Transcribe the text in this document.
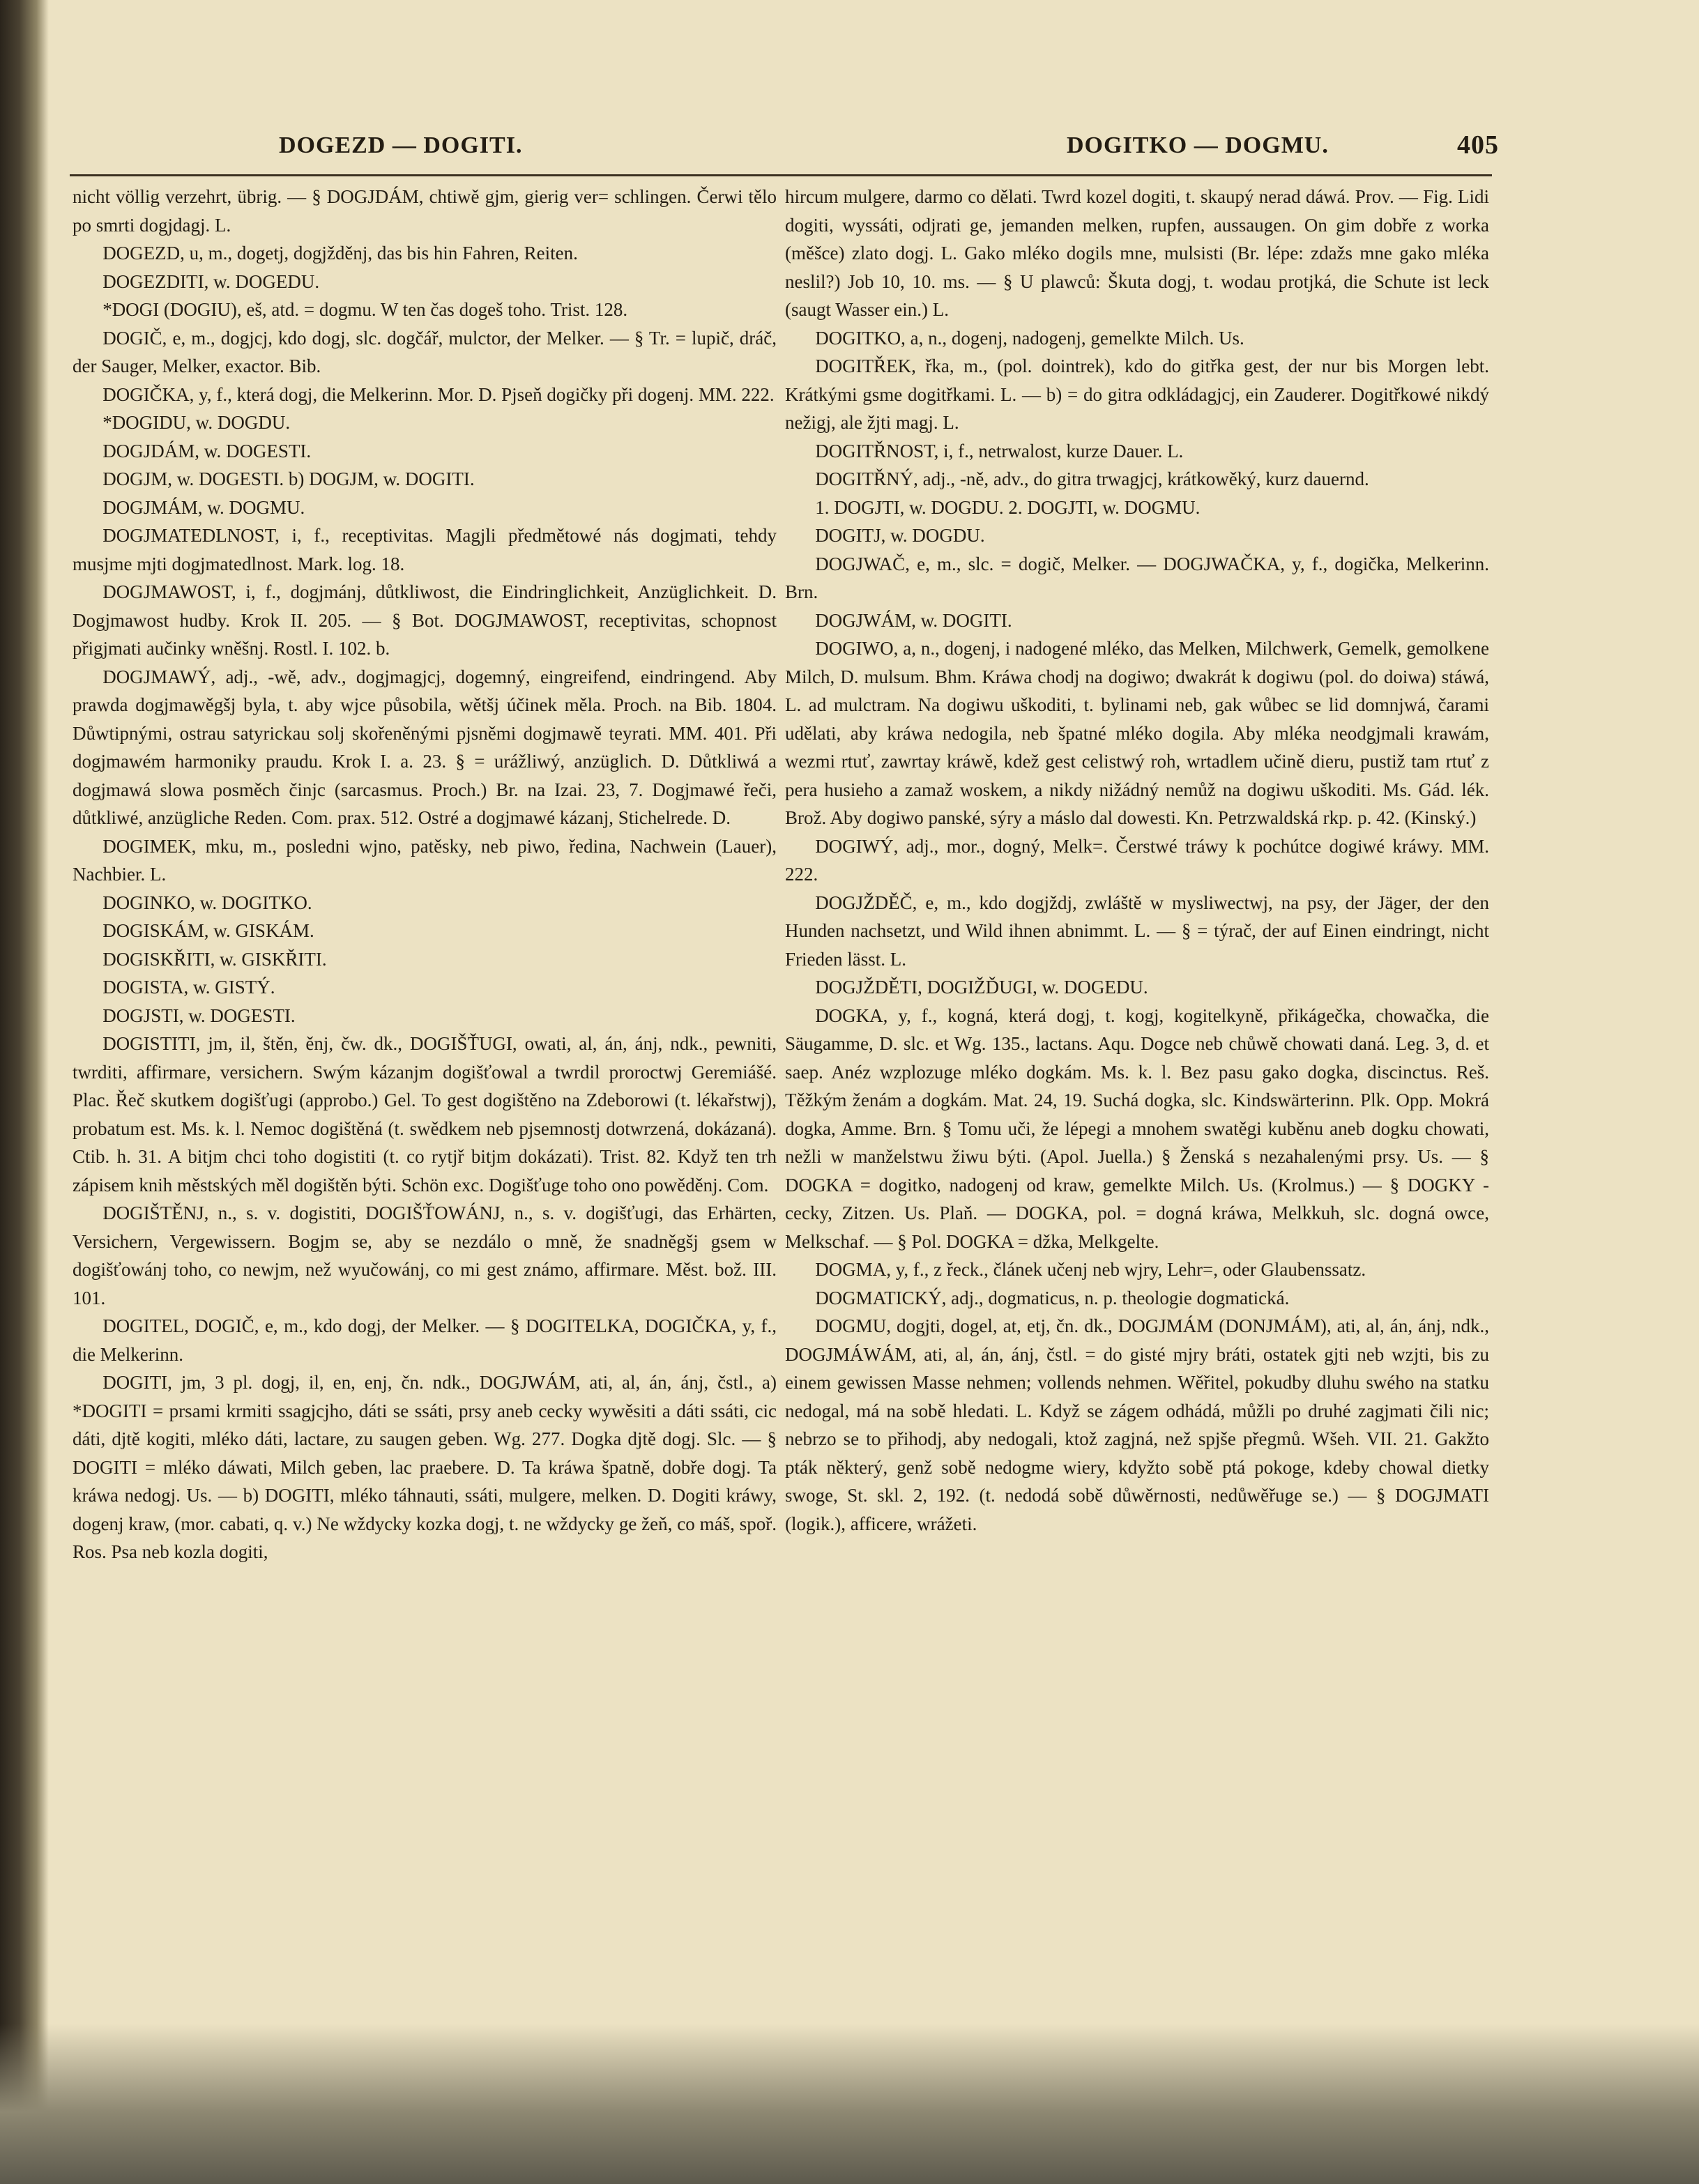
DOGEZD — DOGITI.	DOGITKO — DOGMU.	405

nicht völlig verzehrt, übrig. — § DOGJDÁM, chtiwě gjm, gierig ver= schlingen. Čerwi tělo po smrti dogjdagj. L.

DOGEZD, u, m., dogetj, dogjžděnj, das bis hin Fahren, Reiten.

DOGEZDITI, w. DOGEDU.

*DOGI (DOGIU), eš, atd. = dogmu. W ten čas dogeš toho. Trist. 128.

DOGIČ, e, m., dogjcj, kdo dogj, slc. dogčář, mulctor, der Melker. — § Tr. = lupič, dráč, der Sauger, Melker, exactor. Bib.

DOGIČKA, y, f., která dogj, die Melkerinn. Mor. D. Pjseň dogičky při dogenj. MM. 222.

*DOGIDU, w. DOGDU.

DOGJDÁM, w. DOGESTI.

DOGJM, w. DOGESTI. b) DOGJM, w. DOGITI.

DOGJMÁM, w. DOGMU.

DOGJMATEDLNOST, i, f., receptivitas. Magjli předmětowé nás dogjmati, tehdy musjme mjti dogjmatedlnost. Mark. log. 18.

DOGJMAWOST, i, f., dogjmánj, důtkliwost, die Eindringlichkeit, Anzüglichkeit. D. Dogjmawost hudby. Krok II. 205. — § Bot. DOGJMAWOST, receptivitas, schopnost přigjmati aučinky wněšnj. Rostl. I. 102. b.

DOGJMAWÝ, adj., -wě, adv., dogjmagjcj, dogemný, eingreifend, eindringend. Aby prawda dogjmawěgšj byla, t. aby wjce působila, wětšj účinek měla. Proch. na Bib. 1804. Důwtipnými, ostrau satyrickau solj skořeněnými pjsněmi dogjmawě teyrati. MM. 401. Při dogjmawém harmoniky praudu. Krok I. a. 23. § = urážliwý, anzüglich. D. Důtkliwá a dogjmawá slowa posměch činjc (sarcasmus. Proch.) Br. na Izai. 23, 7. Dogjmawé řeči, důtkliwé, anzügliche Reden. Com. prax. 512. Ostré a dogjmawé kázanj, Stichelrede. D.

DOGIMEK, mku, m., posledni wjno, patěsky, neb piwo, ředina, Nachwein (Lauer), Nachbier. L.

DOGINKO, w. DOGITKO.

DOGISKÁM, w. GISKÁM.

DOGISKŘITI, w. GISKŘITI.

DOGISTA, w. GISTÝ.

DOGJSTI, w. DOGESTI.

DOGISTITI, jm, il, štěn, ěnj, čw. dk., DOGIŠŤUGI, owati, al, án, ánj, ndk., pewniti, twrditi, affirmare, versichern. Swým kázanjm dogišťowal a twrdil proroctwj Geremiášé. Plac. Řeč skutkem dogišťugi (approbo.) Gel. To gest dogištěno na Zdeborowi (t. lékařstwj), probatum est. Ms. k. l. Nemoc dogištěná (t. swědkem neb pjsemnostj dotwrzená, dokázaná). Ctib. h. 31. A bitjm chci toho dogistiti (t. co rytjř bitjm dokázati). Trist. 82. Když ten trh zápisem knih městských měl dogištěn býti. Schön exc. Dogišťuge toho ono powěděnj. Com.

DOGIŠTĚNJ, n., s. v. dogistiti, DOGIŠŤOWÁNJ, n., s. v. dogišťugi, das Erhärten, Versichern, Vergewissern. Bogjm se, aby se nezdálo o mně, že snadněgšj gsem w dogišťowánj toho, co newjm, než wyučowánj, co mi gest známo, affirmare. Měst. bož. III. 101.

DOGITEL, DOGIČ, e, m., kdo dogj, der Melker. — § DOGITELKA, DOGIČKA, y, f., die Melkerinn.

DOGITI, jm, 3 pl. dogj, il, en, enj, čn. ndk., DOGJWÁM, ati, al, án, ánj, čstl., a) *DOGITI = prsami krmiti ssagjcjho, dáti se ssáti, prsy aneb cecky wywěsiti a dáti ssáti, cic dáti, djtě kogiti, mléko dáti, lactare, zu saugen geben. Wg. 277. Dogka djtě dogj. Slc. — § DOGITI = mléko dáwati, Milch geben, lac praebere. D. Ta kráwa špatně, dobře dogj. Ta kráwa nedogj. Us. — b) DOGITI, mléko táhnauti, ssáti, mulgere, melken. D. Dogiti kráwy, dogenj kraw, (mor. cabati, q. v.) Ne wždycky kozka dogj, t. ne wždycky ge žeň, co máš, spoř. Ros. Psa neb kozla dogiti,

hircum mulgere, darmo co dělati. Twrd kozel dogiti, t. skaupý nerad dáwá. Prov. — Fig. Lidi dogiti, wyssáti, odjrati ge, jemanden melken, rupfen, aussaugen. On gim dobře z worka (měšce) zlato dogj. L. Gako mléko dogils mne, mulsisti (Br. lépe: zdažs mne gako mléka neslil?) Job 10, 10. ms. — § U plawců: Škuta dogj, t. wodau protjká, die Schute ist leck (saugt Wasser ein.) L.

DOGITKO, a, n., dogenj, nadogenj, gemelkte Milch. Us.

DOGITŘEK, řka, m., (pol. dointrek), kdo do gitřka gest, der nur bis Morgen lebt. Krátkými gsme dogitřkami. L. — b) = do gitra odkládagjcj, ein Zauderer. Dogitřkowé nikdý nežigj, ale žjti magj. L.

DOGITŘNOST, i, f., netrwalost, kurze Dauer. L.

DOGITŘNÝ, adj., -ně, adv., do gitra trwagjcj, krátkowěký, kurz dauernd.

1. DOGJTI, w. DOGDU. 2. DOGJTI, w. DOGMU.

DOGITJ, w. DOGDU.

DOGJWAČ, e, m., slc. = dogič, Melker. — DOGJWAČKA, y, f., dogička, Melkerinn. Brn.

DOGJWÁM, w. DOGITI.

DOGIWO, a, n., dogenj, i nadogené mléko, das Melken, Milchwerk, Gemelk, gemolkene Milch, D. mulsum. Bhm. Kráwa chodj na dogiwo; dwakrát k dogiwu (pol. do doiwa) stáwá, L. ad mulctram. Na dogiwu uškoditi, t. bylinami neb, gak wůbec se lid domnjwá, čarami udělati, aby kráwa nedogila, neb špatné mléko dogila. Aby mléka neodgjmali krawám, wezmi rtuť, zawrtay kráwě, kdež gest celistwý roh, wrtadlem učině dieru, pustiž tam rtuť z pera husieho a zamaž woskem, a nikdy nižádný nemůž na dogiwu uškoditi. Ms. Gád. lék. Brož. Aby dogiwo panské, sýry a máslo dal dowesti. Kn. Petrzwaldská rkp. p. 42. (Kinský.)

DOGIWÝ, adj., mor., dogný, Melk=. Čerstwé tráwy k pochútce dogiwé kráwy. MM. 222.

DOGJŽDĚČ, e, m., kdo dogjždj, zwláště w mysliwectwj, na psy, der Jäger, der den Hunden nachsetzt, und Wild ihnen abnimmt. L. — § = týrač, der auf Einen eindringt, nicht Frieden lässt. L.

DOGJŽDĚTI, DOGIŽĎUGI, w. DOGEDU.

DOGKA, y, f., kogná, která dogj, t. kogj, kogitelkyně, přikágečka, chowačka, die Säugamme, D. slc. et Wg. 135., lactans. Aqu. Dogce neb chůwě chowati daná. Leg. 3, d. et saep. Anéz wzplozuge mléko dogkám. Ms. k. l. Bez pasu gako dogka, discinctus. Reš. Těžkým ženám a dogkám. Mat. 24, 19. Suchá dogka, slc. Kindswärterinn. Plk. Opp. Mokrá dogka, Amme. Brn. § Tomu uči, že lépegi a mnohem swatěgi kuběnu aneb dogku chowati, nežli w manželstwu žiwu býti. (Apol. Juella.) § Ženská s nezahalenými prsy. Us. — § DOGKA = dogitko, nadogenj od kraw, gemelkte Milch. Us. (Krolmus.) — § DOGKY - cecky, Zitzen. Us. Plaň. — DOGKA, pol. = dogná kráwa, Melkkuh, slc. dogná owce, Melkschaf. — § Pol. DOGKA = džka, Melkgelte.

DOGMA, y, f., z řeck., článek učenj neb wjry, Lehr=, oder Glaubenssatz.

DOGMATICKÝ, adj., dogmaticus, n. p. theologie dogmatická.

DOGMU, dogjti, dogel, at, etj, čn. dk., DOGJMÁM (DONJMÁM), ati, al, án, ánj, ndk., DOGJMÁWÁM, ati, al, án, ánj, čstl. = do gisté mjry bráti, ostatek gjti neb wzjti, bis zu einem gewissen Masse nehmen; vollends nehmen. Wěřitel, pokudby dluhu swého na statku nedogal, má na sobě hledati. L. Když se zágem odhádá, můžli po druhé zagjmati čili nic; nebrzo se to přihodj, aby nedogali, ktož zagjná, než spjše přegmů. Wšeh. VII. 21. Gakžto pták některý, genž sobě nedogme wiery, kdyžto sobě ptá pokoge, kdeby chowal dietky swoge, St. skl. 2, 192. (t. nedodá sobě důwěrnosti, nedůwěřuge se.) — § DOGJMATI (logik.), afficere, wrážeti.
